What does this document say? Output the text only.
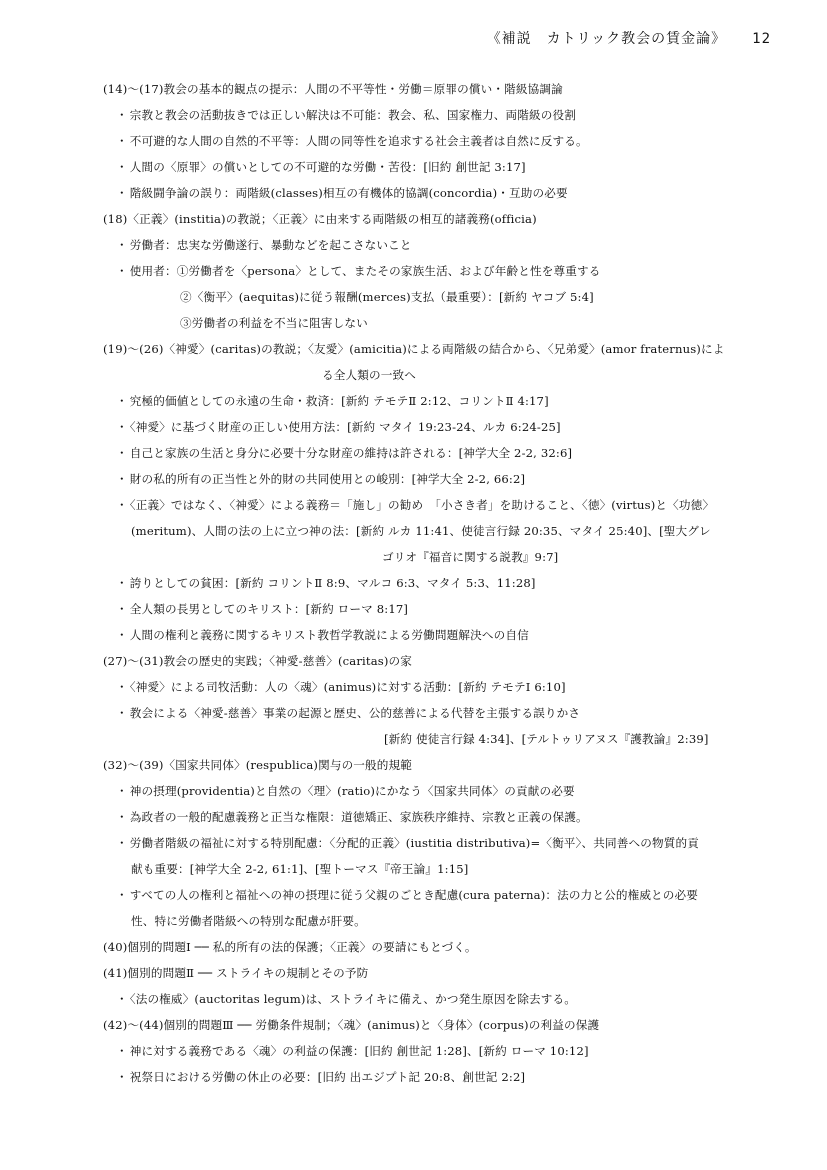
《補説　カトリック教会の賃金論》 12
(14)～(17)教会の基本的観点の提示：人間の不平等性・労働＝原罪の償い・階級協調論
・ 宗教と教会の活動抜きでは正しい解決は不可能：教会、私、国家権力、両階級の役割
・ 不可避的な人間の自然的不平等：人間の同等性を追求する社会主義者は自然に反する。
・ 人間の〈原罪〉の償いとしての不可避的な労働・苦役：[旧約 創世記 3:17]
・ 階級闘争論の誤り：両階級(classes)相互の有機体的協調(concordia)・互助の必要
(18)〈正義〉(institia)の教説；〈正義〉に由来する両階級の相互的諸義務(officia)
・ 労働者：忠実な労働遂行、暴動などを起こさないこと
・ 使用者：①労働者を〈persona〉として、またその家族生活、および年齢と性を尊重する
②〈衡平〉(aequitas)に従う報酬(merces)支払（最重要）：[新約 ヤコブ 5:4]
③労働者の利益を不当に阻害しない
(19)～(26)〈神愛〉(caritas)の教説；〈友愛〉(amicitia)による両階級の結合から、〈兄弟愛〉(amor fraternus)によ
る全人類の一致へ
・ 究極的価値としての永遠の生命・救済：[新約 テモテⅡ 2:12、コリントⅡ 4:17]
・ 〈神愛〉に基づく財産の正しい使用方法：[新約 マタイ 19:23-24、ルカ 6:24-25]
・ 自己と家族の生活と身分に必要十分な財産の維持は許される：[神学大全 2-2, 32:6]
・ 財の私的所有の正当性と外的財の共同使用との峻別：[神学大全 2-2, 66:2]
・ 〈正義〉ではなく、〈神愛〉による義務＝「施し」の勧め　「小さき者」を助けること、〈徳〉(virtus)と〈功徳〉
(meritum)、人間の法の上に立つ神の法：[新約 ルカ 11:41、使徒言行録 20:35、マタイ 25:40]、[聖大グレ
ゴリオ『福音に関する説教』9:7]
・ 誇りとしての貧困：[新約 コリントⅡ 8:9、マルコ 6:3、マタイ 5:3、11:28]
・ 全人類の長男としてのキリスト：[新約 ローマ 8:17]
・ 人間の権利と義務に関するキリスト教哲学教説による労働問題解決への自信
(27)～(31)教会の歴史的実践；〈神愛-慈善〉(caritas)の家
・ 〈神愛〉による司牧活動：人の〈魂〉(animus)に対する活動：[新約 テモテⅠ 6:10]
・ 教会による〈神愛-慈善〉事業の起源と歴史、公的慈善による代替を主張する誤りかさ
[新約 使徒言行録 4:34]、[テルトゥリアヌス『護教論』2:39]
(32)～(39)〈国家共同体〉(respublica)関与の一般的規範
・ 神の摂理(providentia)と自然の〈理〉(ratio)にかなう〈国家共同体〉の貢献の必要
・ 為政者の一般的配慮義務と正当な権限：道徳矯正、家族秩序維持、宗教と正義の保護。
・ 労働者階級の福祉に対する特別配慮：〈分配的正義〉(iustitia distributiva)=〈衡平〉、共同善への物質的貢
献も重要：[神学大全 2-2, 61:1]、[聖トーマス『帝王論』1:15]
・ すべての人の権利と福祉への神の摂理に従う父親のごとき配慮(cura paterna)：法の力と公的権威との必要
性、特に労働者階級への特別な配慮が肝要。
(40)個別的問題Ⅰ ── 私的所有の法的保護；〈正義〉の要請にもとづく。
(41)個別的問題Ⅱ ── ストライキの規制とその予防
・ 〈法の権威〉(auctoritas legum)は、ストライキに備え、かつ発生原因を除去する。
(42)～(44)個別的問題Ⅲ ── 労働条件規制；〈魂〉(animus)と〈身体〉(corpus)の利益の保護
・ 神に対する義務である〈魂〉の利益の保護：[旧約 創世記 1:28]、[新約 ローマ 10:12]
・ 祝祭日における労働の休止の必要：[旧約 出エジプト記 20:8、創世記 2:2]
